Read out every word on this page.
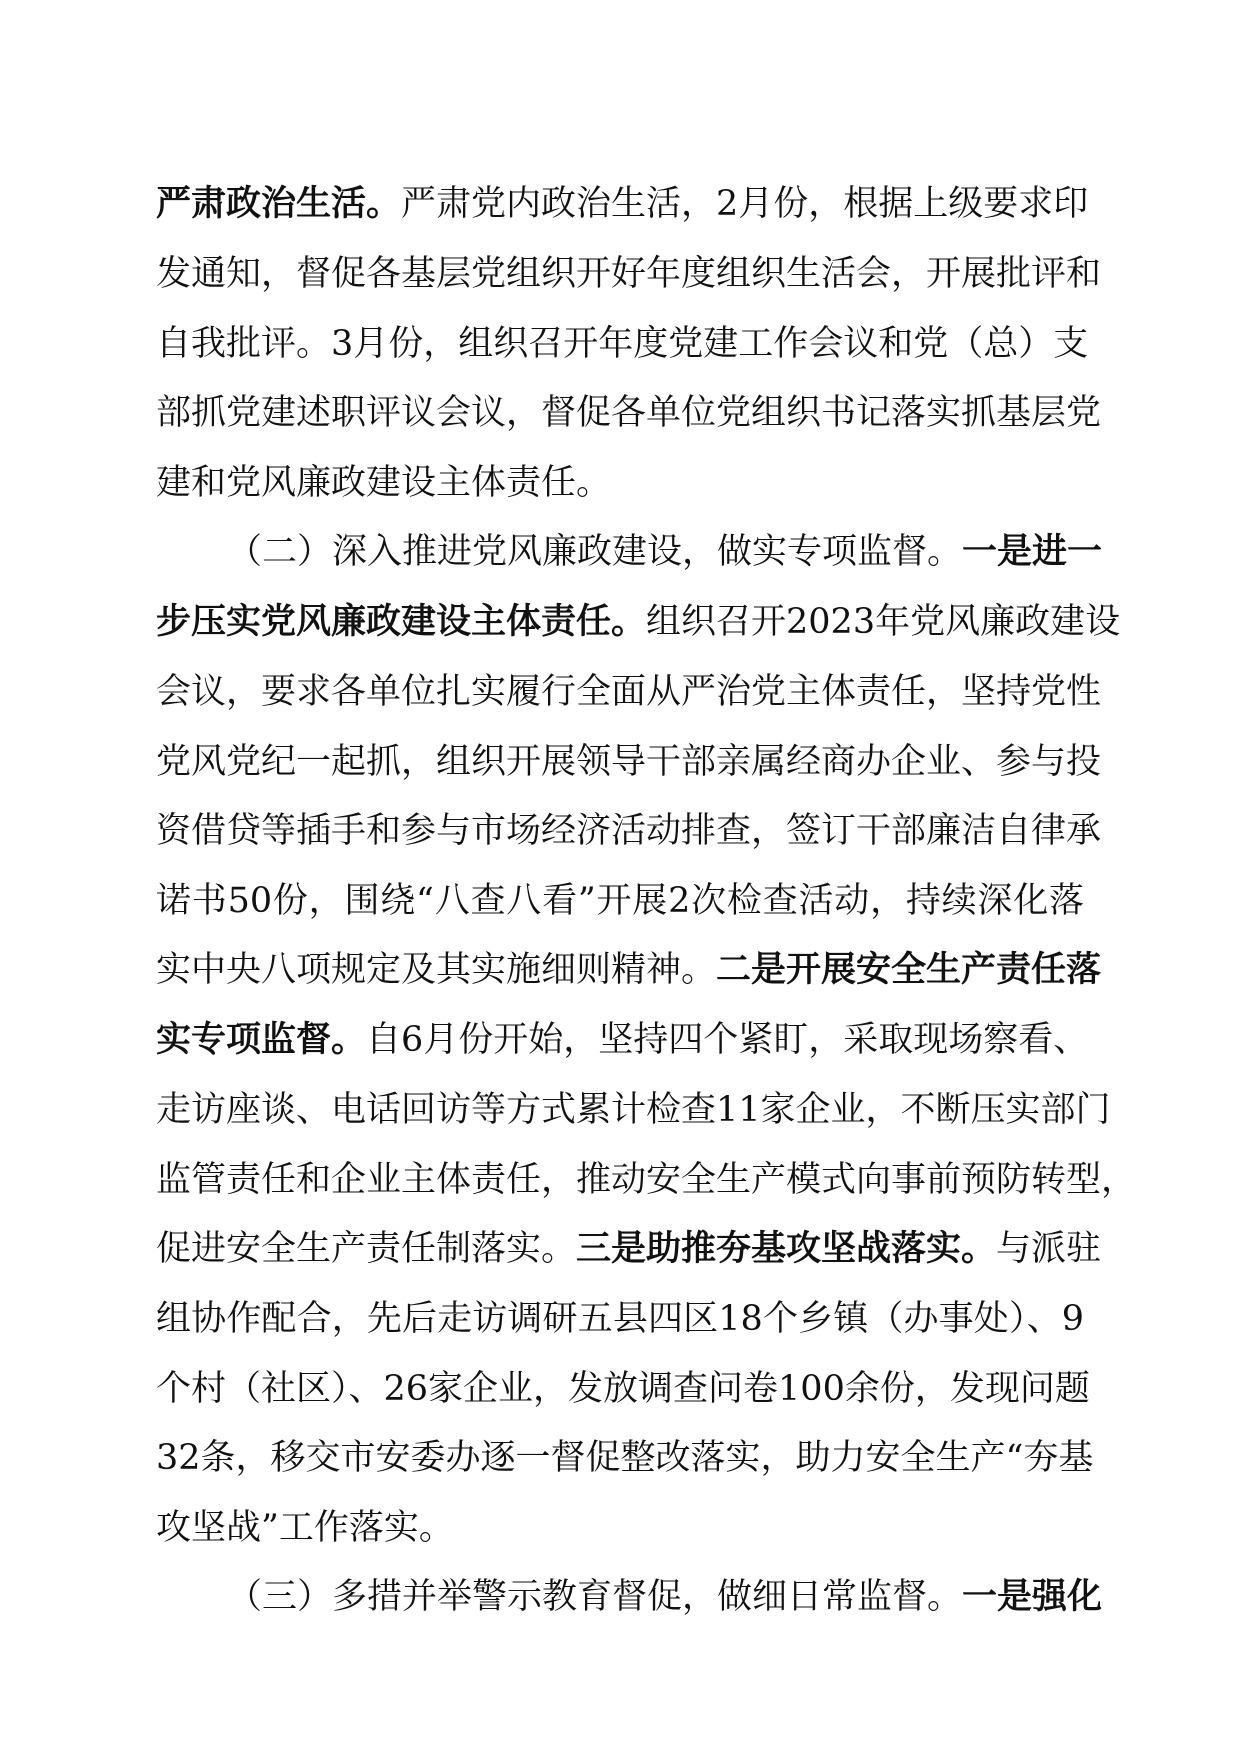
严肃政治生活。严肃党内政治生活，2月份，根据上级要求印
发通知，督促各基层党组织开好年度组织生活会，开展批评和
自我批评。3月份，组织召开年度党建工作会议和党（总）支
部抓党建述职评议会议，督促各单位党组织书记落实抓基层党
建和党风廉政建设主体责任。
（二）深入推进党风廉政建设，做实专项监督。一是进一
步压实党风廉政建设主体责任。组织召开2023年党风廉政建设
会议，要求各单位扎实履行全面从严治党主体责任，坚持党性
党风党纪一起抓，组织开展领导干部亲属经商办企业、参与投
资借贷等插手和参与市场经济活动排查，签订干部廉洁自律承
诺书50份，围绕“八查八看”开展2次检查活动，持续深化落
实中央八项规定及其实施细则精神。二是开展安全生产责任落
实专项监督。自6月份开始，坚持四个紧盯，采取现场察看、
走访座谈、电话回访等方式累计检查11家企业，不断压实部门
监管责任和企业主体责任，推动安全生产模式向事前预防转型，
促进安全生产责任制落实。三是助推夯基攻坚战落实。与派驻
组协作配合，先后走访调研五县四区18个乡镇（办事处）、9
个村（社区）、26家企业，发放调查问卷100余份，发现问题
32条，移交市安委办逐一督促整改落实，助力安全生产“夯基
攻坚战”工作落实。
（三）多措并举警示教育督促，做细日常监督。一是强化
